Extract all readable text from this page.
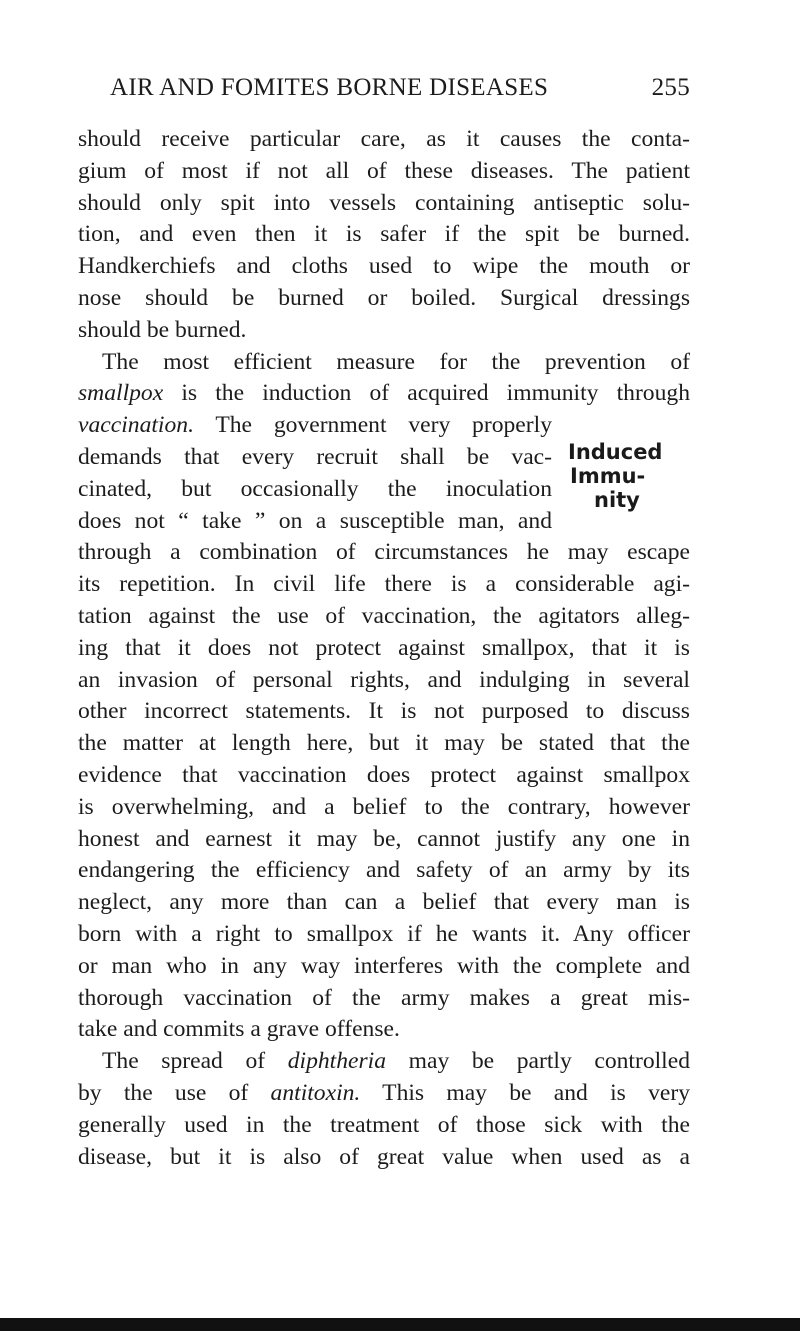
AIR AND FOMITES BORNE DISEASES	255
should receive particular care, as it causes the conta-
gium of most if not all of these diseases. The patient
should only spit into vessels containing antiseptic solu-
tion, and even then it is safer if the spit be burned.
Handkerchiefs and cloths used to wipe the mouth or
nose should be burned or boiled. Surgical dressings
should be burned.
The most efficient measure for the prevention of
smallpox is the induction of acquired immunity through
vaccination. The government very properly
demands that every recruit shall be vac-
cinated, but occasionally the inoculation
does not “ take ” on a susceptible man, and
through a combination of circumstances he may escape
its repetition. In civil life there is a considerable agi-
tation against the use of vaccination, the agitators alleg-
ing that it does not protect against smallpox, that it is
an invasion of personal rights, and indulging in several
other incorrect statements. It is not purposed to discuss
the matter at length here, but it may be stated that the
evidence that vaccination does protect against smallpox
is overwhelming, and a belief to the contrary, however
honest and earnest it may be, cannot justify any one in
endangering the efficiency and safety of an army by its
neglect, any more than can a belief that every man is
born with a right to smallpox if he wants it. Any officer
or man who in any way interferes with the complete and
thorough vaccination of the army makes a great mis-
take and commits a grave offense.
The spread of diphtheria may be partly controlled
by the use of antitoxin. This may be and is very
generally used in the treatment of those sick with the
disease, but it is also of great value when used as a
Induced
Immu-
nity
